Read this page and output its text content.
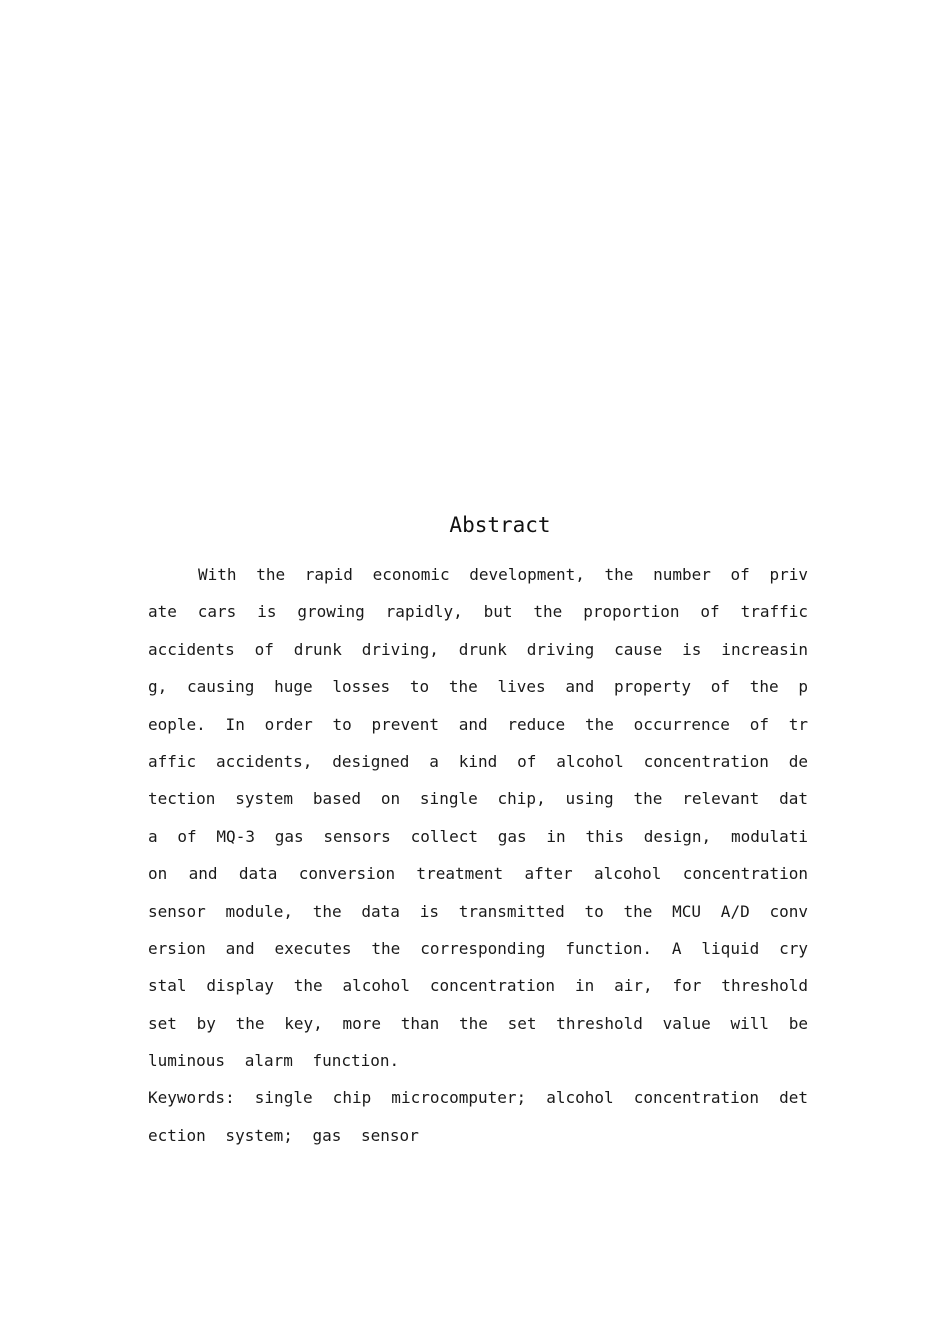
Abstract
With the rapid economic development, the number of priv
ate cars is growing rapidly, but the proportion of traffic
accidents of drunk driving, drunk driving cause is increasin
g, causing huge losses to the lives and property of the p
eople. In order to prevent and reduce the occurrence of tr
affic accidents, designed a kind of alcohol concentration de
tection system based on single chip, using the relevant dat
a of MQ-3 gas sensors collect gas in this design, modulati
on and data conversion treatment after alcohol concentration
sensor module, the data is transmitted to the MCU A/D conv
ersion and executes the corresponding function. A liquid cry
stal display the alcohol concentration in air, for threshold
set by the key, more than the set threshold value will be
luminous alarm function.
Keywords: single chip microcomputer; alcohol concentration det
ection system; gas sensor
